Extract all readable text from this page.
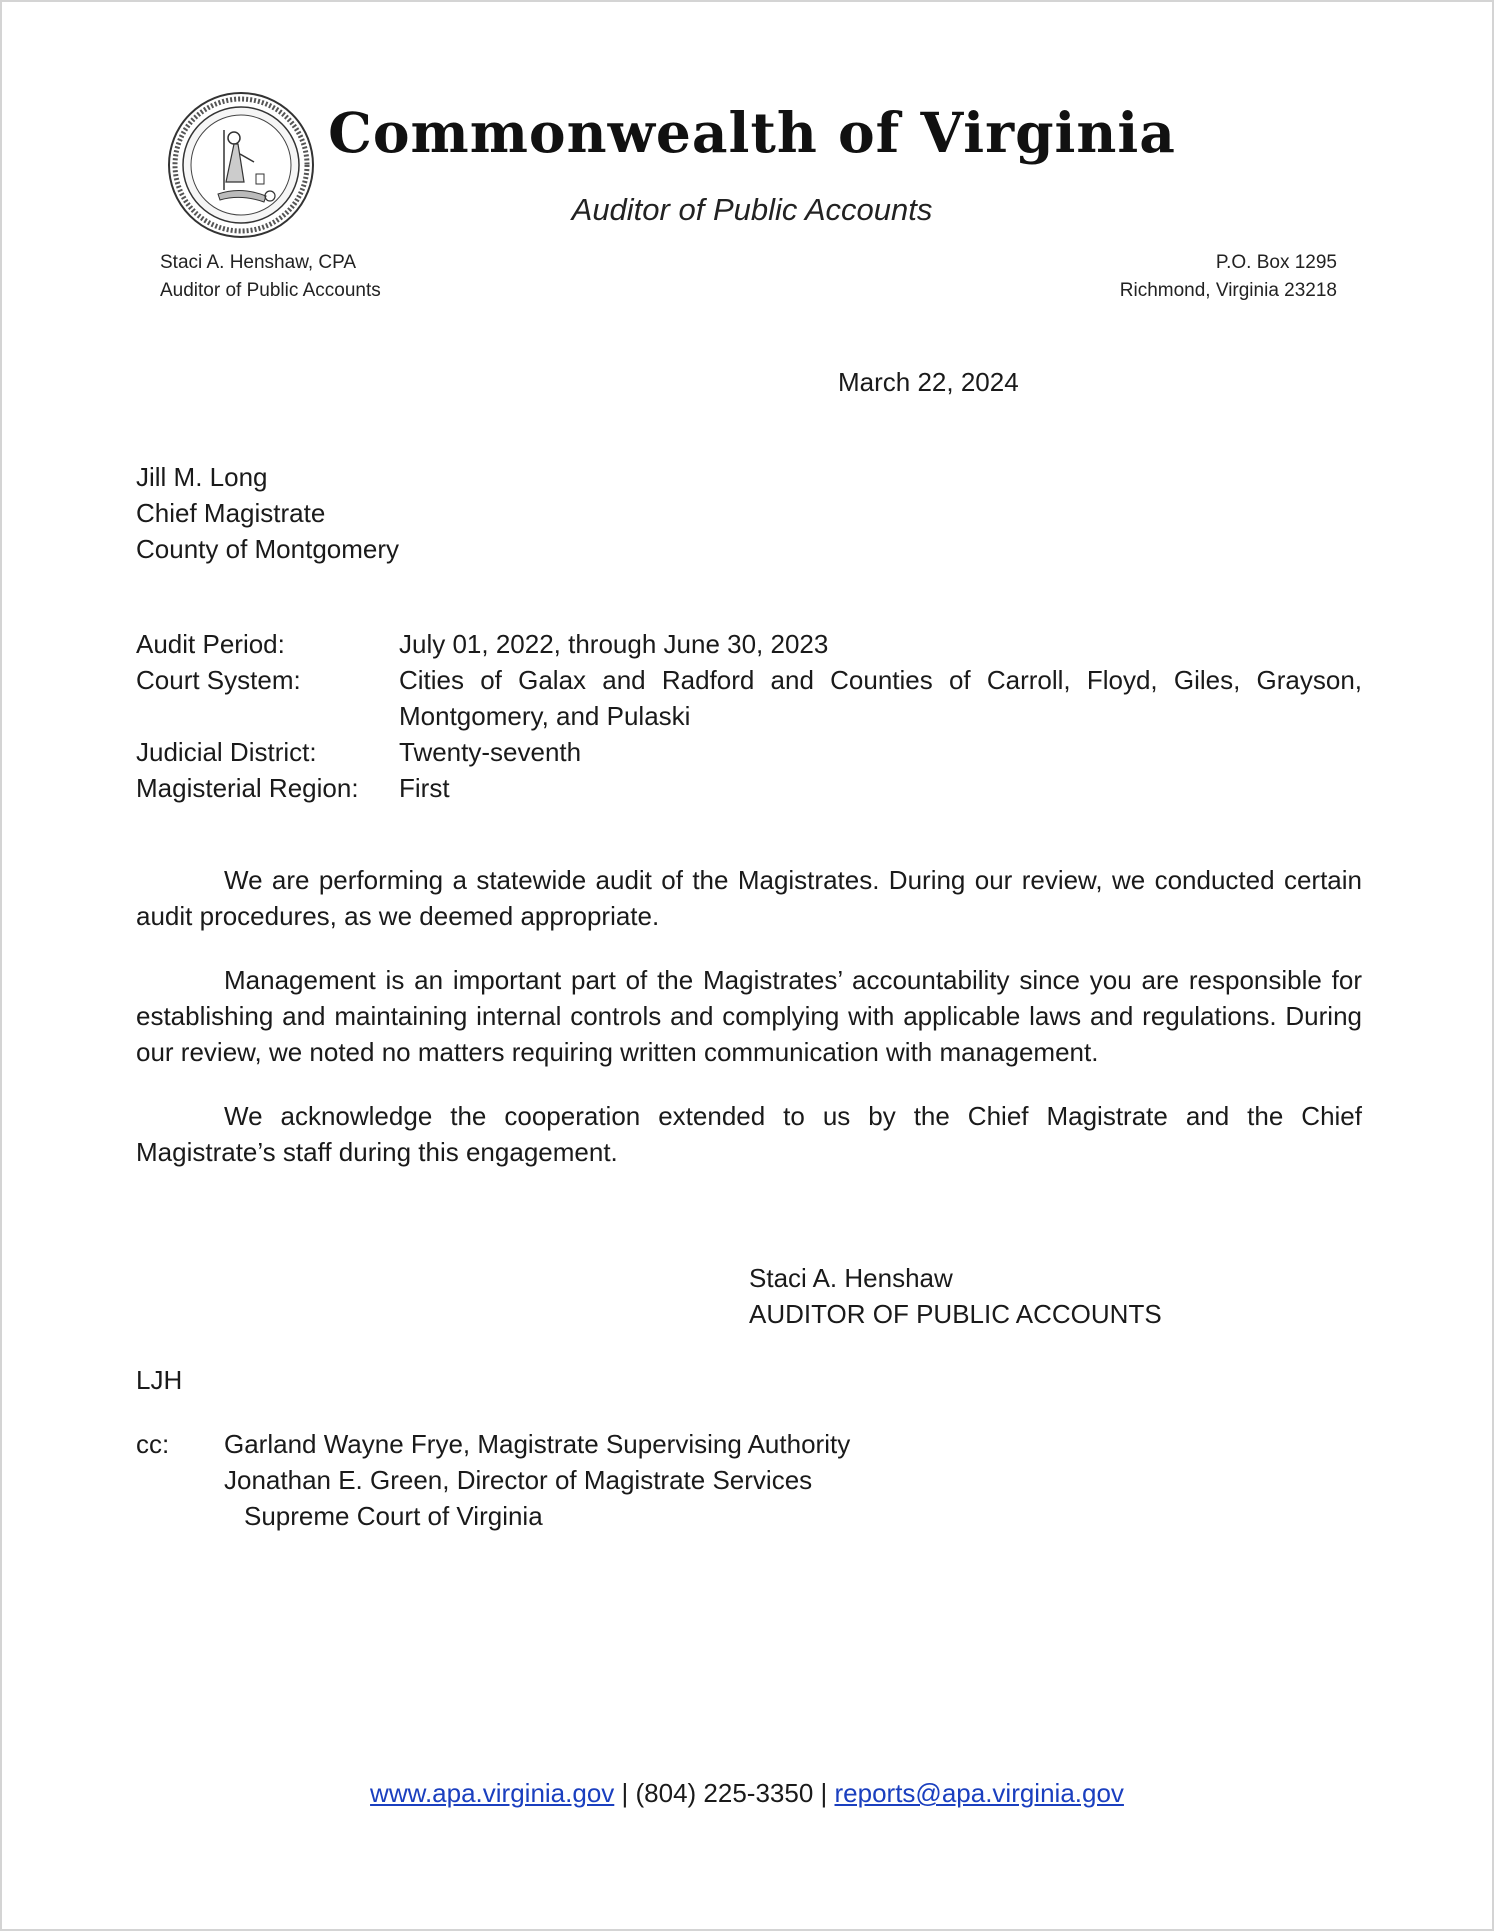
Commonwealth of Virginia
Auditor of Public Accounts
Staci A. Henshaw, CPA
Auditor of Public Accounts
P.O. Box 1295
Richmond, Virginia 23218
March 22, 2024
Jill M. Long
Chief Magistrate
County of Montgomery
Audit Period:	July 01, 2022, through June 30, 2023
Court System:	Cities of Galax and Radford and Counties of Carroll, Floyd, Giles, Grayson, Montgomery, and Pulaski
Judicial District:	Twenty-seventh
Magisterial Region:	First

We are performing a statewide audit of the Magistrates. During our review, we conducted certain audit procedures, as we deemed appropriate.

Management is an important part of the Magistrates’ accountability since you are responsible for establishing and maintaining internal controls and complying with applicable laws and regulations. During our review, we noted no matters requiring written communication with management.

We acknowledge the cooperation extended to us by the Chief Magistrate and the Chief Magistrate’s staff during this engagement.

Staci A. Henshaw
AUDITOR OF PUBLIC ACCOUNTS
LJH
cc:	Garland Wayne Frye, Magistrate Supervising Authority
Jonathan E. Green, Director of Magistrate Services
Supreme Court of Virginia
www.apa.virginia.gov | (804) 225-3350 | reports@apa.virginia.gov
